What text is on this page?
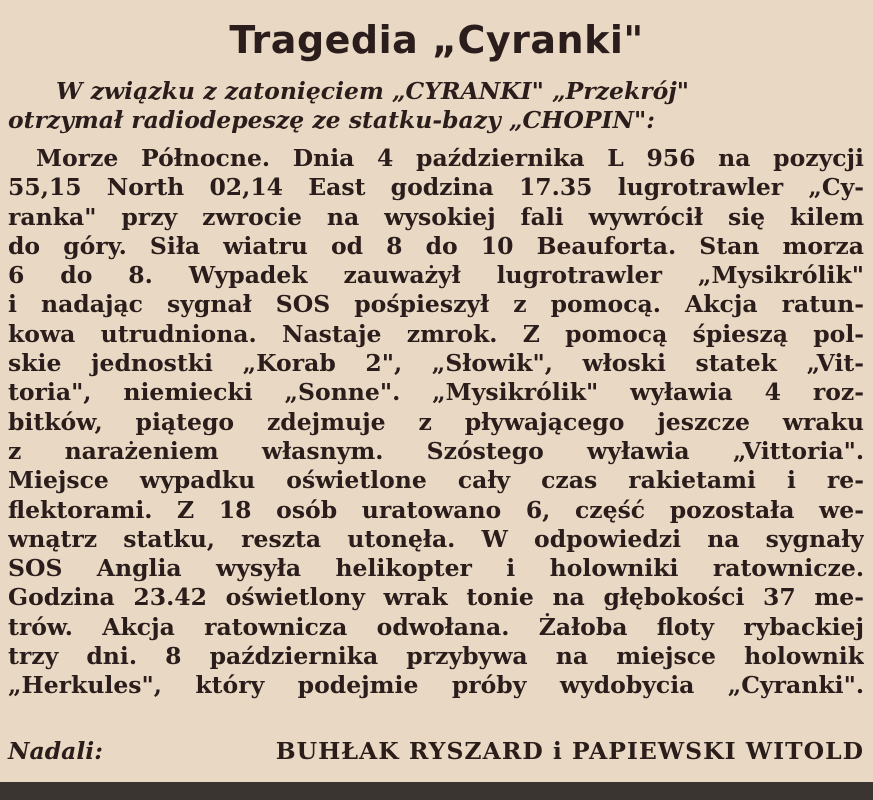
Tragedia „Cyranki"
W związku z zatonięciem „CYRANKI" „Przekrój"
otrzymał radiodepeszę ze statku-bazy „CHOPIN":
Morze Północne. Dnia 4 października L 956 na pozycji
55,15 North 02,14 East godzina 17.35 lugrotrawler „Cy-
ranka" przy zwrocie na wysokiej fali wywrócił się kilem
do góry. Siła wiatru od 8 do 10 Beauforta. Stan morza
6 do 8. Wypadek zauważył lugrotrawler „Mysikrólik"
i nadając sygnał SOS pośpieszył z pomocą. Akcja ratun-
kowa utrudniona. Nastaje zmrok. Z pomocą śpieszą pol-
skie jednostki „Korab 2", „Słowik", włoski statek „Vit-
toria", niemiecki „Sonne". „Mysikrólik" wyławia 4 roz-
bitków, piątego zdejmuje z pływającego jeszcze wraku
z narażeniem własnym. Szóstego wyławia „Vittoria".
Miejsce wypadku oświetlone cały czas rakietami i re-
flektorami. Z 18 osób uratowano 6, część pozostała we-
wnątrz statku, reszta utonęła. W odpowiedzi na sygnały
SOS Anglia wysyła helikopter i holowniki ratownicze.
Godzina 23.42 oświetlony wrak tonie na głębokości 37 me-
trów. Akcja ratownicza odwołana. Żałoba floty rybackiej
trzy dni. 8 października przybywa na miejsce holownik
„Herkules", który podejmie próby wydobycia „Cyranki".
Nadali:	BUHŁAK RYSZARD i PAPIEWSKI WITOLD
